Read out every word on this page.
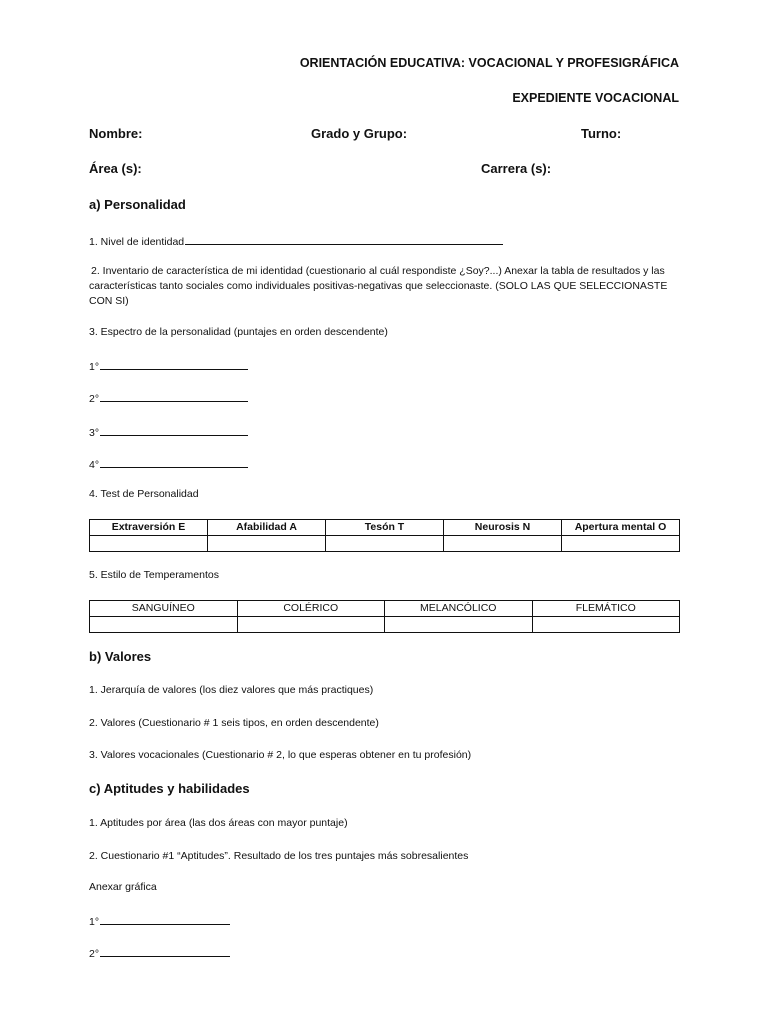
ORIENTACIÓN EDUCATIVA: VOCACIONAL Y PROFESIGRÁFICA
EXPEDIENTE VOCACIONAL
Nombre:	Grado y Grupo:	Turno:
Área (s):	Carrera (s):
a) Personalidad
1. Nivel de identidad
2. Inventario de característica de mi identidad (cuestionario al cuál respondiste ¿Soy?...) Anexar la tabla de resultados y las características tanto sociales como individuales positivas-negativas que seleccionaste. (SOLO LAS QUE SELECCIONASTE CON SI)
3. Espectro de la personalidad (puntajes en orden descendente)
1°
2°
3°
4°
4. Test de Personalidad
Extraversión E	Afabilidad A	Tesón T	Neurosis N	Apertura mental O

5. Estilo de Temperamentos
SANGUÍNEO	COLÉRICO	MELANCÓLICO	FLEMÁTICO

b) Valores
1. Jerarquía de valores (los diez valores que más practiques)
2. Valores (Cuestionario # 1 seis tipos, en orden descendente)
3. Valores vocacionales (Cuestionario # 2, lo que esperas obtener en tu profesión)
c) Aptitudes y habilidades
1. Aptitudes por área (las dos áreas con mayor puntaje)
2. Cuestionario #1 “Aptitudes”. Resultado de los tres puntajes más sobresalientes
Anexar gráfica
1°
2°
